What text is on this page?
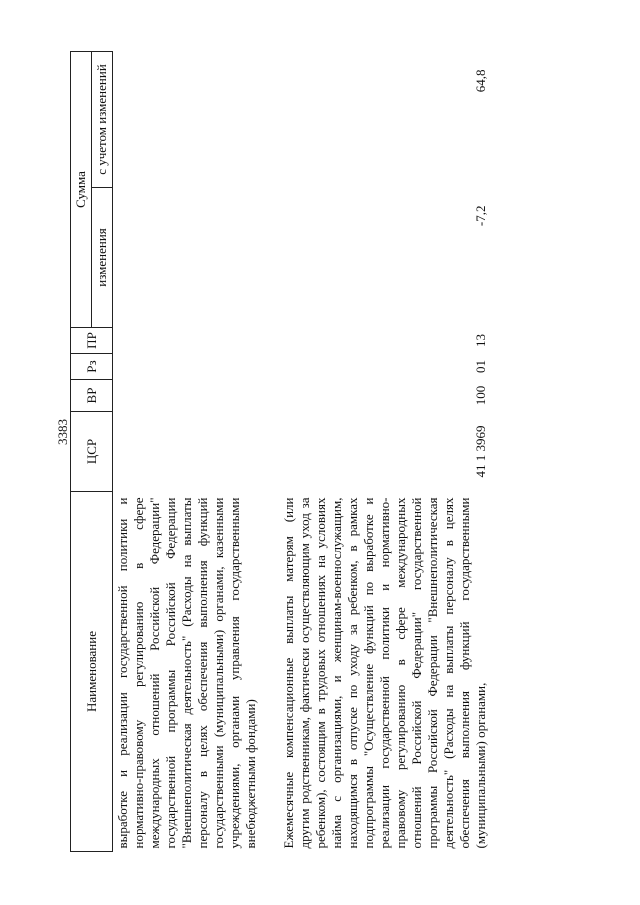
3383
Наименование	ЦСР	ВР	Рз	ПР	Сумма	
					изменения	с учетом изменений
выработке и реализации государственной политики и нормативно-правовому регулированию в сфере международных отношений Российской Федерации" государственной программы Российской Федерации "Внешнеполитическая деятельность" (Расходы на выплаты персоналу в целях обеспечения выполнения функций государственными (муниципальными) органами, казенными учреждениями, органами управления государственными внебюджетными фондами)						

Ежемесячные компенсационные выплаты матерям (или другим родственникам, фактически осуществляющим уход за ребенком), состоящим в трудовых отношениях на условиях найма с организациями, и женщинам-военнослужащим, находящимся в отпуске по уходу за ребенком, в рамках подпрограммы "Осуществление функций по выработке и реализации государственной политики и нормативно-правовому регулированию в сфере международных отношений Российской Федерации" государственной программы Российской Федерации "Внешнеполитическая деятельность" (Расходы на выплаты персоналу в целях обеспечения выполнения функций государственными (муниципальными) органами,	41 1 3969	100	01	13	-7,2	64,8
